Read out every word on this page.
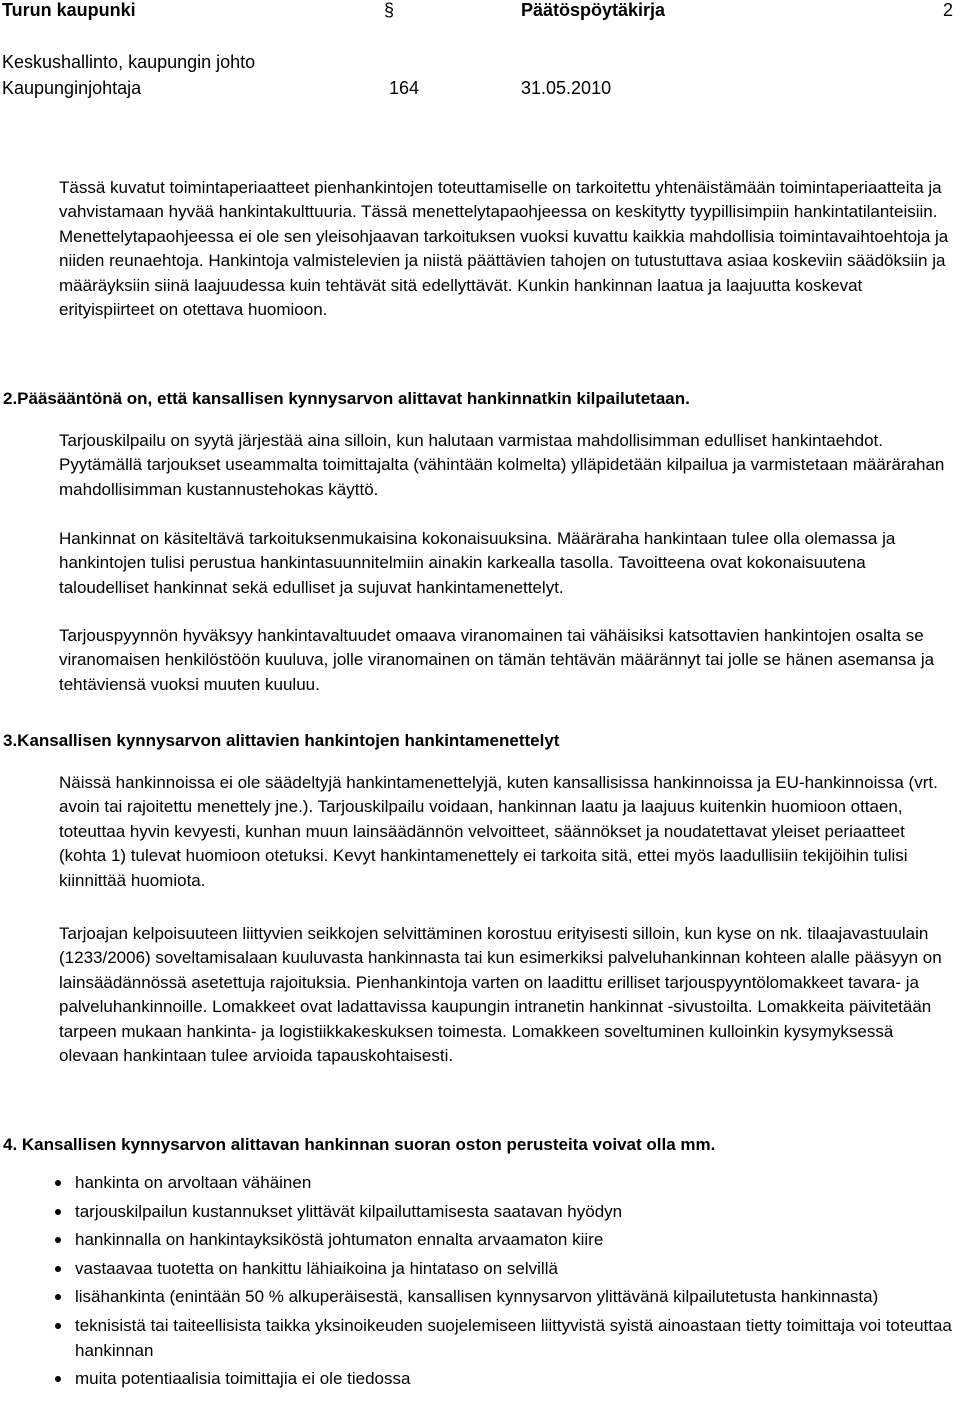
Turun kaupunki	§	Päätöspöytäkirja	2
Keskushallinto, kaupungin johto
Kaupunginjohtaja	164	31.05.2010

Tässä kuvatut toimintaperiaatteet pienhankintojen toteuttamiselle on tarkoitettu yhtenäistämään toimintaperiaatteita ja vahvistamaan hyvää hankintakulttuuria. Tässä menettelytapaohjeessa on keskitytty tyypillisimpiin hankintatilanteisiin. Menettelytapaohjeessa ei ole sen yleisohjaavan tarkoituksen vuoksi kuvattu kaikkia mahdollisia toimintavaihtoehtoja ja niiden reunaehtoja. Hankintoja valmistelevien ja niistä päättävien tahojen on tutustuttava asiaa koskeviin säädöksiin ja määräyksiin siinä laajuudessa kuin tehtävät sitä edellyttävät. Kunkin hankinnan laatua ja laajuutta koskevat erityispiirteet on otettava huomioon.

2.Pääsääntönä on, että kansallisen kynnysarvon alittavat hankinnatkin kilpailutetaan.

Tarjouskilpailu on syytä järjestää aina silloin, kun halutaan varmistaa mahdollisimman edulliset hankintaehdot. Pyytämällä tarjoukset useammalta toimittajalta (vähintään kolmelta) ylläpidetään kilpailua ja varmistetaan määrärahan mahdollisimman kustannustehokas käyttö.

Hankinnat on käsiteltävä tarkoituksenmukaisina kokonaisuuksina. Määräraha hankintaan tulee olla olemassa ja hankintojen tulisi perustua hankintasuunnitelmiin ainakin karkealla tasolla. Tavoitteena ovat kokonaisuutena taloudelliset hankinnat sekä edulliset ja sujuvat hankintamenettelyt.

Tarjouspyynnön hyväksyy hankintavaltuudet omaava viranomainen tai vähäisiksi katsottavien hankintojen osalta se viranomaisen henkilöstöön kuuluva, jolle viranomainen on tämän tehtävän määrännyt tai jolle se hänen asemansa ja tehtäviensä vuoksi muuten kuuluu.

3.Kansallisen kynnysarvon alittavien hankintojen hankintamenettelyt

Näissä hankinnoissa ei ole säädeltyjä hankintamenettelyjä, kuten kansallisissa hankinnoissa ja EU-hankinnoissa (vrt. avoin tai rajoitettu menettely jne.). Tarjouskilpailu voidaan, hankinnan laatu ja laajuus kuitenkin huomioon ottaen, toteuttaa hyvin kevyesti, kunhan muun lainsäädännön velvoitteet, säännökset ja noudatettavat yleiset periaatteet (kohta 1) tulevat huomioon otetuksi. Kevyt hankintamenettely ei tarkoita sitä, ettei myös laadullisiin tekijöihin tulisi kiinnittää huomiota.

Tarjoajan kelpoisuuteen liittyvien seikkojen selvittäminen korostuu erityisesti silloin, kun kyse on nk. tilaajavastuulain (1233/2006) soveltamisalaan kuuluvasta hankinnasta tai kun esimerkiksi palveluhankinnan kohteen alalle pääsyyn on lainsäädännössä asetettuja rajoituksia. Pienhankintoja varten on laadittu erilliset tarjouspyyntölomakkeet tavara- ja palveluhankinnoille. Lomakkeet ovat ladattavissa kaupungin intranetin hankinnat -sivustoilta. Lomakkeita päivitetään tarpeen mukaan hankinta- ja logistiikkakeskuksen toimesta. Lomakkeen soveltuminen kulloinkin kysymyksessä olevaan hankintaan tulee arvioida tapauskohtaisesti.

4. Kansallisen kynnysarvon alittavan hankinnan suoran oston perusteita voivat olla mm.

hankinta on arvoltaan vähäinen
tarjouskilpailun kustannukset ylittävät kilpailuttamisesta saatavan hyödyn
hankinnalla on hankintayksiköstä johtumaton ennalta arvaamaton kiire
vastaavaa tuotetta on hankittu lähiaikoina ja hintataso on selvillä
lisähankinta (enintään 50 % alkuperäisestä, kansallisen kynnysarvon ylittävänä kilpailutetusta hankinnasta)
teknisistä tai taiteellisista taikka yksinoikeuden suojelemiseen liittyvistä syistä ainoastaan tietty toimittaja voi toteuttaa hankinnan
muita potentiaalisia toimittajia ei ole tiedossa
